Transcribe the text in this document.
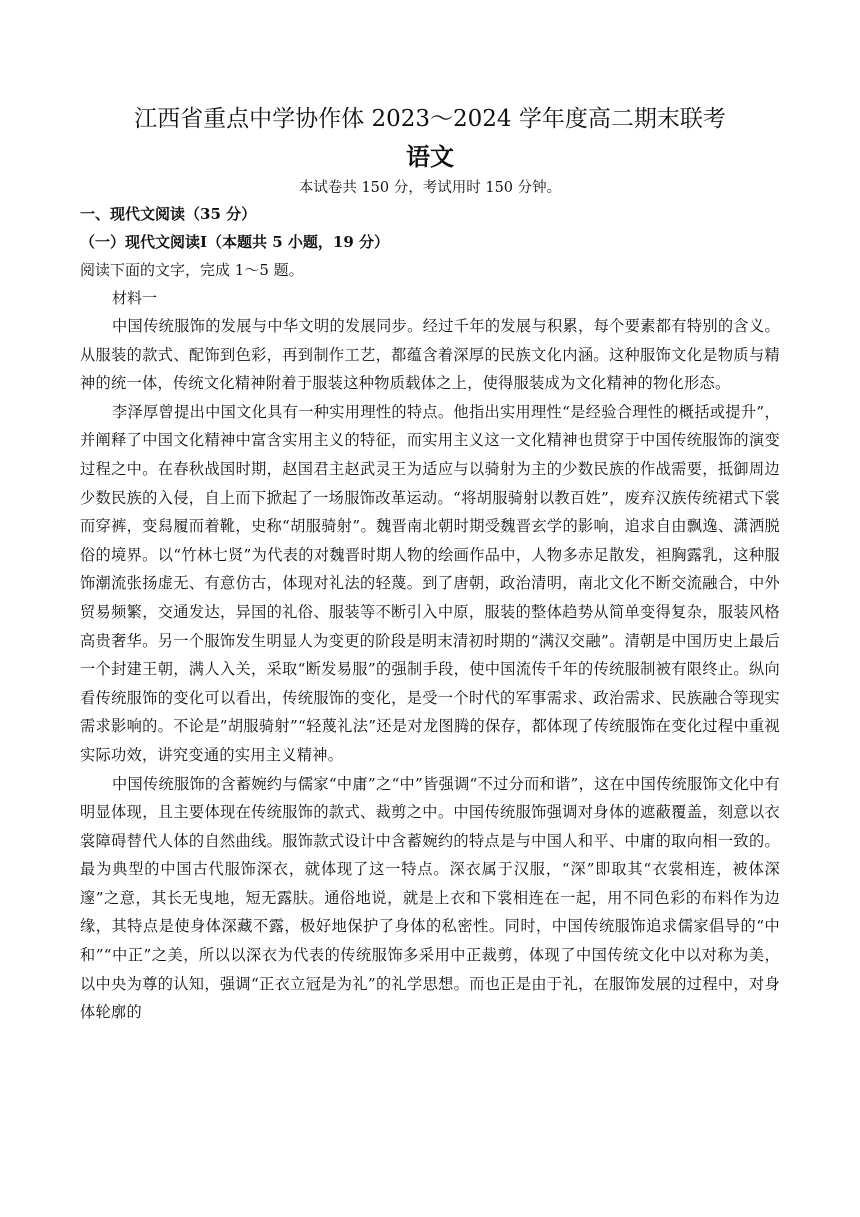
江西省重点中学协作体 2023～2024 学年度高二期末联考
语文

本试卷共 150 分，考试用时 150 分钟。

一、现代文阅读（35 分）

（一）现代文阅读Ⅰ（本题共 5 小题，19 分）

阅读下面的文字，完成 1～5 题。

材料一

中国传统服饰的发展与中华文明的发展同步。经过千年的发展与积累，每个要素都有特别的含义。从服装的款式、配饰到色彩，再到制作工艺，都蕴含着深厚的民族文化内涵。这种服饰文化是物质与精神的统一体，传统文化精神附着于服装这种物质载体之上，使得服装成为文化精神的物化形态。

李泽厚曾提出中国文化具有一种实用理性的特点。他指出实用理性“是经验合理性的概括或提升”，并阐释了中国文化精神中富含实用主义的特征，而实用主义这一文化精神也贯穿于中国传统服饰的演变过程之中。在春秋战国时期，赵国君主赵武灵王为适应与以骑射为主的少数民族的作战需要，抵御周边少数民族的入侵，自上而下掀起了一场服饰改革运动。“将胡服骑射以教百姓”，废弃汉族传统裙式下裳而穿裤，变舄履而着靴，史称“胡服骑射”。魏晋南北朝时期受魏晋玄学的影响，追求自由飘逸、潇洒脱俗的境界。以“竹林七贤”为代表的对魏晋时期人物的绘画作品中，人物多赤足散发，袒胸露乳，这种服饰潮流张扬虚无、有意仿古，体现对礼法的轻蔑。到了唐朝，政治清明，南北文化不断交流融合，中外贸易频繁，交通发达，异国的礼俗、服装等不断引入中原，服装的整体趋势从简单变得复杂，服装风格高贵奢华。另一个服饰发生明显人为变更的阶段是明末清初时期的“满汉交融”。清朝是中国历史上最后一个封建王朝，满人入关，采取“断发易服”的强制手段，使中国流传千年的传统服制被有限终止。纵向看传统服饰的变化可以看出，传统服饰的变化，是受一个时代的军事需求、政治需求、民族融合等现实需求影响的。不论是”胡服骑射”“轻蔑礼法”还是对龙图腾的保存，都体现了传统服饰在变化过程中重视实际功效，讲究变通的实用主义精神。

中国传统服饰的含蓄婉约与儒家“中庸”之“中”皆强调“不过分而和谐”，这在中国传统服饰文化中有明显体现，且主要体现在传统服饰的款式、裁剪之中。中国传统服饰强调对身体的遮蔽覆盖，刻意以衣裳障碍替代人体的自然曲线。服饰款式设计中含蓄婉约的特点是与中国人和平、中庸的取向相一致的。最为典型的中国古代服饰深衣，就体现了这一特点。深衣属于汉服，“深”即取其“衣裳相连，被体深邃”之意，其长无曳地，短无露肤。通俗地说，就是上衣和下裳相连在一起，用不同色彩的布料作为边缘，其特点是使身体深藏不露，极好地保护了身体的私密性。同时，中国传统服饰追求儒家倡导的“中和”“中正”之美，所以以深衣为代表的传统服饰多采用中正裁剪，体现了中国传统文化中以对称为美，以中央为尊的认知，强调“正衣立冠是为礼”的礼学思想。而也正是由于礼，在服饰发展的过程中，对身体轮廓的
